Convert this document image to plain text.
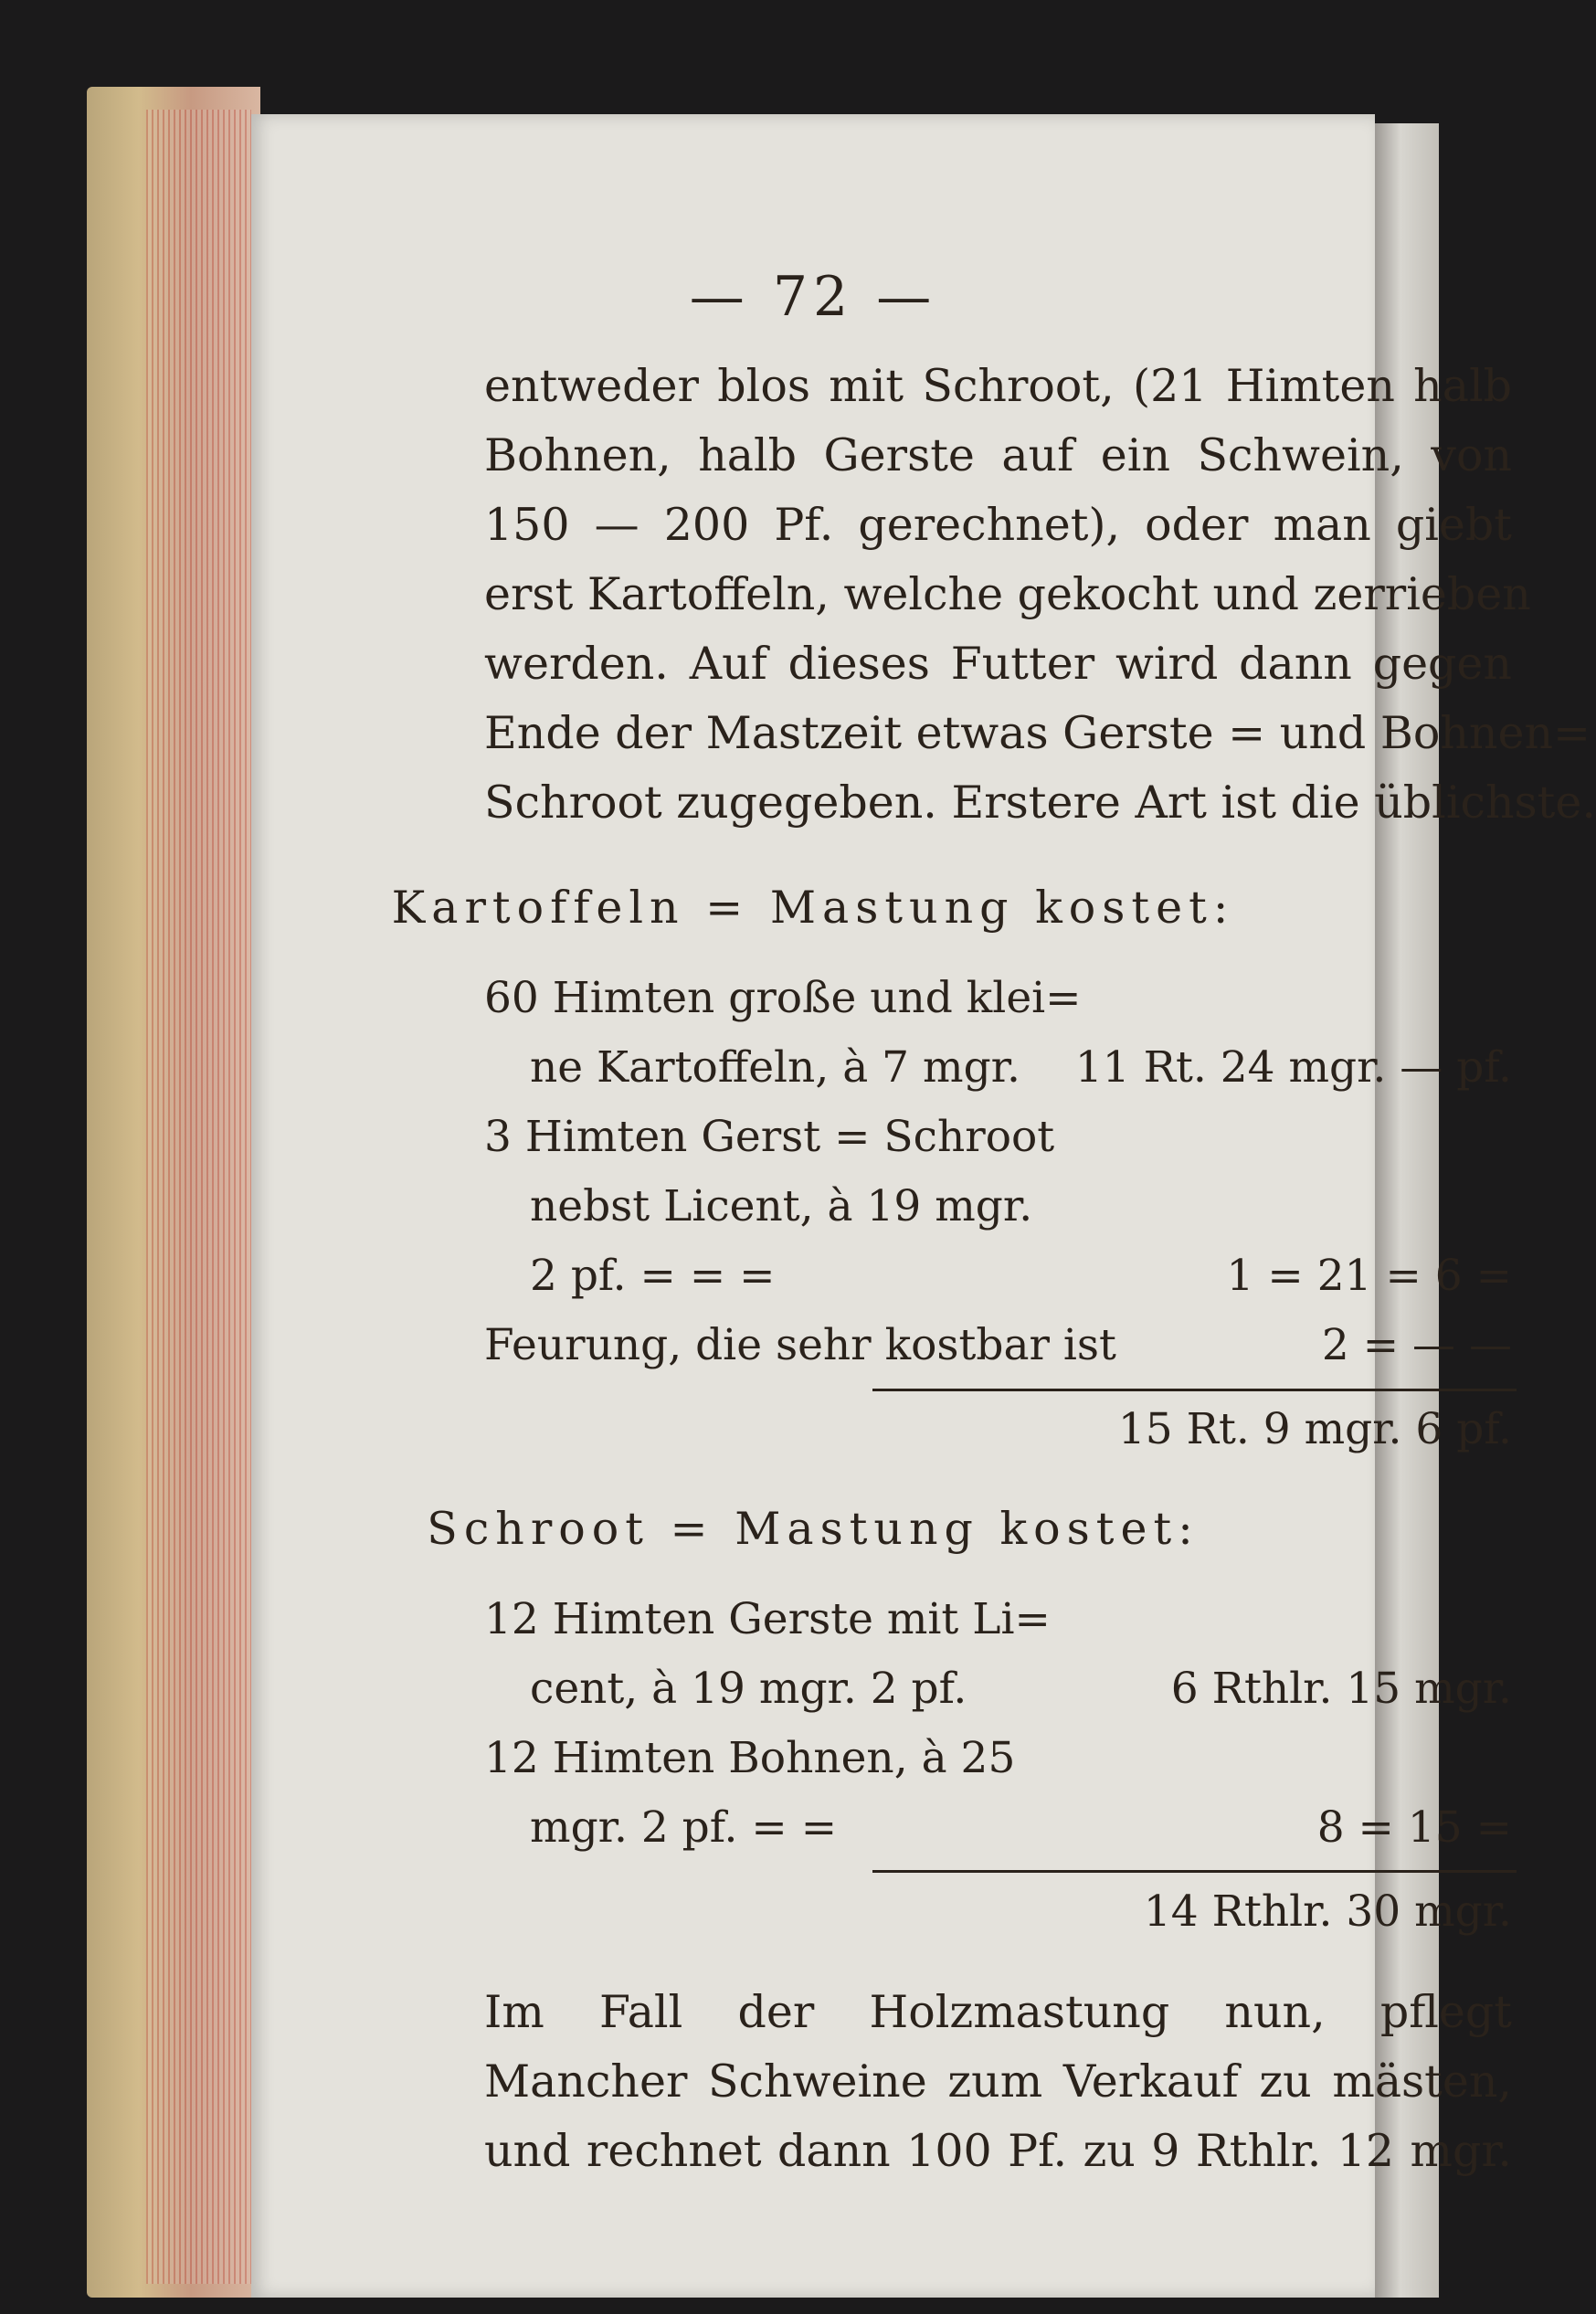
— 72 —
entweder blos mit Schroot, (21 Himten halb
Bohnen, halb Gerste auf ein Schwein, von
150 — 200 Pf. gerechnet), oder man giebt
erst Kartoffeln, welche gekocht und zerrieben
werden. Auf dieses Futter wird dann gegen
Ende der Mastzeit etwas Gerste = und Bohnen=
Schroot zugegeben. Erstere Art ist die üblichste.
Kartoffeln = Mastung kostet:
60 Himten große und klei=
ne Kartoffeln, à 7 mgr. 11 Rt. 24 mgr. — pf.
3 Himten Gerst = Schroot
nebst Licent, à 19 mgr.
2 pf. = = =	1 = 21 = 6 =
Feurung, die sehr kostbar ist	2 = — —
15 Rt. 9 mgr. 6 pf.
Schroot = Mastung kostet:
12 Himten Gerste mit Li=
cent, à 19 mgr. 2 pf.	6 Rthlr. 15 mgr.
12 Himten Bohnen, à 25
mgr. 2 pf. = =	8 = 15 =
14 Rthlr. 30 mgr.
Im Fall der Holzmastung nun, pflegt
Mancher Schweine zum Verkauf zu mästen,
und rechnet dann 100 Pf. zu 9 Rthlr. 12 mgr.
